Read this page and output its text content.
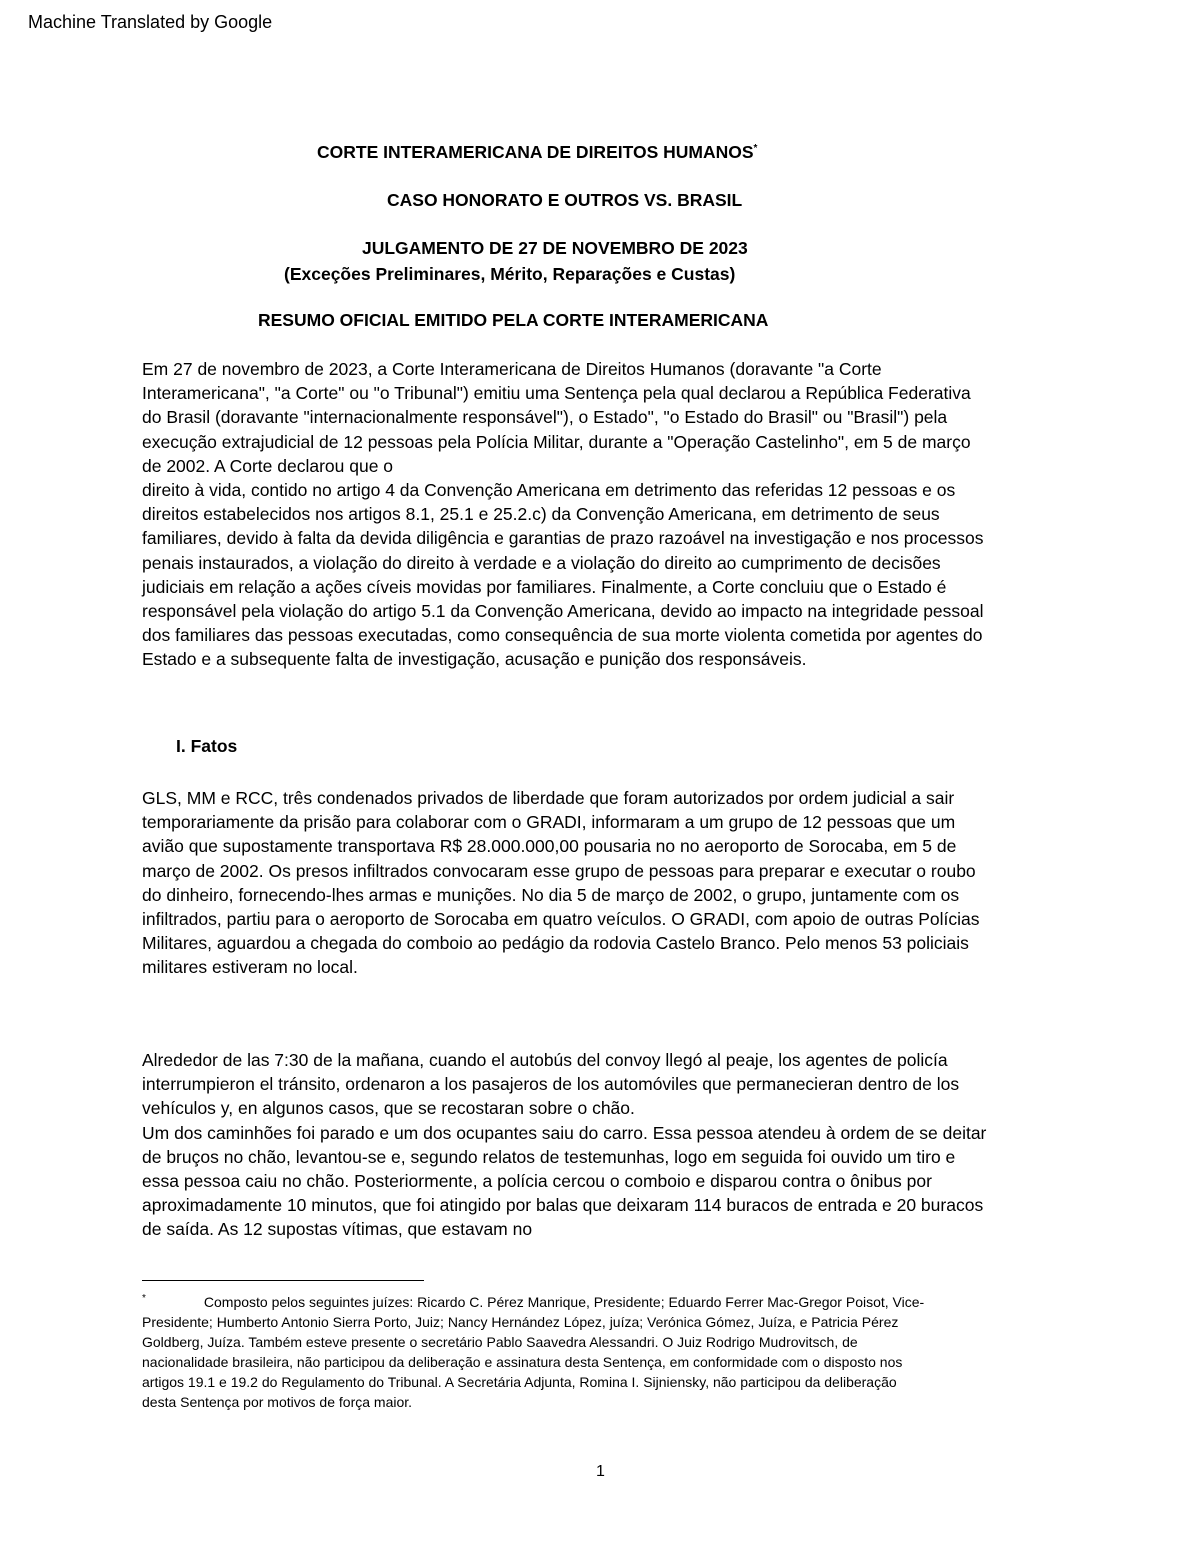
Machine Translated by Google
CORTE INTERAMERICANA DE DIREITOS HUMANOS*
CASO HONORATO E OUTROS VS. BRASIL
JULGAMENTO DE 27 DE NOVEMBRO DE 2023
(Exceções Preliminares, Mérito, Reparações e Custas)
RESUMO OFICIAL EMITIDO PELA CORTE INTERAMERICANA

Em 27 de novembro de 2023, a Corte Interamericana de Direitos Humanos (doravante "a Corte
Interamericana", "a Corte" ou "o Tribunal") emitiu uma Sentença pela qual declarou a República Federativa
do Brasil (doravante "internacionalmente responsável"), o Estado", "o Estado do Brasil" ou "Brasil") pela
execução extrajudicial de 12 pessoas pela Polícia Militar, durante a "Operação Castelinho", em 5 de março
de 2002. A Corte declarou que o
direito à vida, contido no artigo 4 da Convenção Americana em detrimento das referidas 12 pessoas e os
direitos estabelecidos nos artigos 8.1, 25.1 e 25.2.c) da Convenção Americana, em detrimento de seus
familiares, devido à falta da devida diligência e garantias de prazo razoável na investigação e nos processos
penais instaurados, a violação do direito à verdade e a violação do direito ao cumprimento de decisões
judiciais em relação a ações cíveis movidas por familiares. Finalmente, a Corte concluiu que o Estado é
responsável pela violação do artigo 5.1 da Convenção Americana, devido ao impacto na integridade pessoal
dos familiares das pessoas executadas, como consequência de sua morte violenta cometida por agentes do
Estado e a subsequente falta de investigação, acusação e punição dos responsáveis.

I. Fatos

GLS, MM e RCC, três condenados privados de liberdade que foram autorizados por ordem judicial a sair
temporariamente da prisão para colaborar com o GRADI, informaram a um grupo de 12 pessoas que um
avião que supostamente transportava R$ 28.000.000,00 pousaria no no aeroporto de Sorocaba, em 5 de
março de 2002. Os presos infiltrados convocaram esse grupo de pessoas para preparar e executar o roubo
do dinheiro, fornecendo-lhes armas e munições. No dia 5 de março de 2002, o grupo, juntamente com os
infiltrados, partiu para o aeroporto de Sorocaba em quatro veículos. O GRADI, com apoio de outras Polícias
Militares, aguardou a chegada do comboio ao pedágio da rodovia Castelo Branco. Pelo menos 53 policiais
militares estiveram no local.

Alrededor de las 7:30 de la mañana, cuando el autobús del convoy llegó al peaje, los agentes de policía
interrumpieron el tránsito, ordenaron a los pasajeros de los automóviles que permanecieran dentro de los
vehículos y, en algunos casos, que se recostaran sobre o chão.
Um dos caminhões foi parado e um dos ocupantes saiu do carro. Essa pessoa atendeu à ordem de se deitar
de bruços no chão, levantou-se e, segundo relatos de testemunhas, logo em seguida foi ouvido um tiro e
essa pessoa caiu no chão. Posteriormente, a polícia cercou o comboio e disparou contra o ônibus por
aproximadamente 10 minutos, que foi atingido por balas que deixaram 114 buracos de entrada e 20 buracos
de saída. As 12 supostas vítimas, que estavam no

*	Composto pelos seguintes juízes: Ricardo C. Pérez Manrique, Presidente; Eduardo Ferrer Mac-Gregor Poisot, Vice-
Presidente; Humberto Antonio Sierra Porto, Juiz; Nancy Hernández López, juíza; Verónica Gómez, Juíza, e Patricia Pérez
Goldberg, Juíza. Também esteve presente o secretário Pablo Saavedra Alessandri. O Juiz Rodrigo Mudrovitsch, de
nacionalidade brasileira, não participou da deliberação e assinatura desta Sentença, em conformidade com o disposto nos
artigos 19.1 e 19.2 do Regulamento do Tribunal. A Secretária Adjunta, Romina I. Sijniensky, não participou da deliberação
desta Sentença por motivos de força maior.

1
